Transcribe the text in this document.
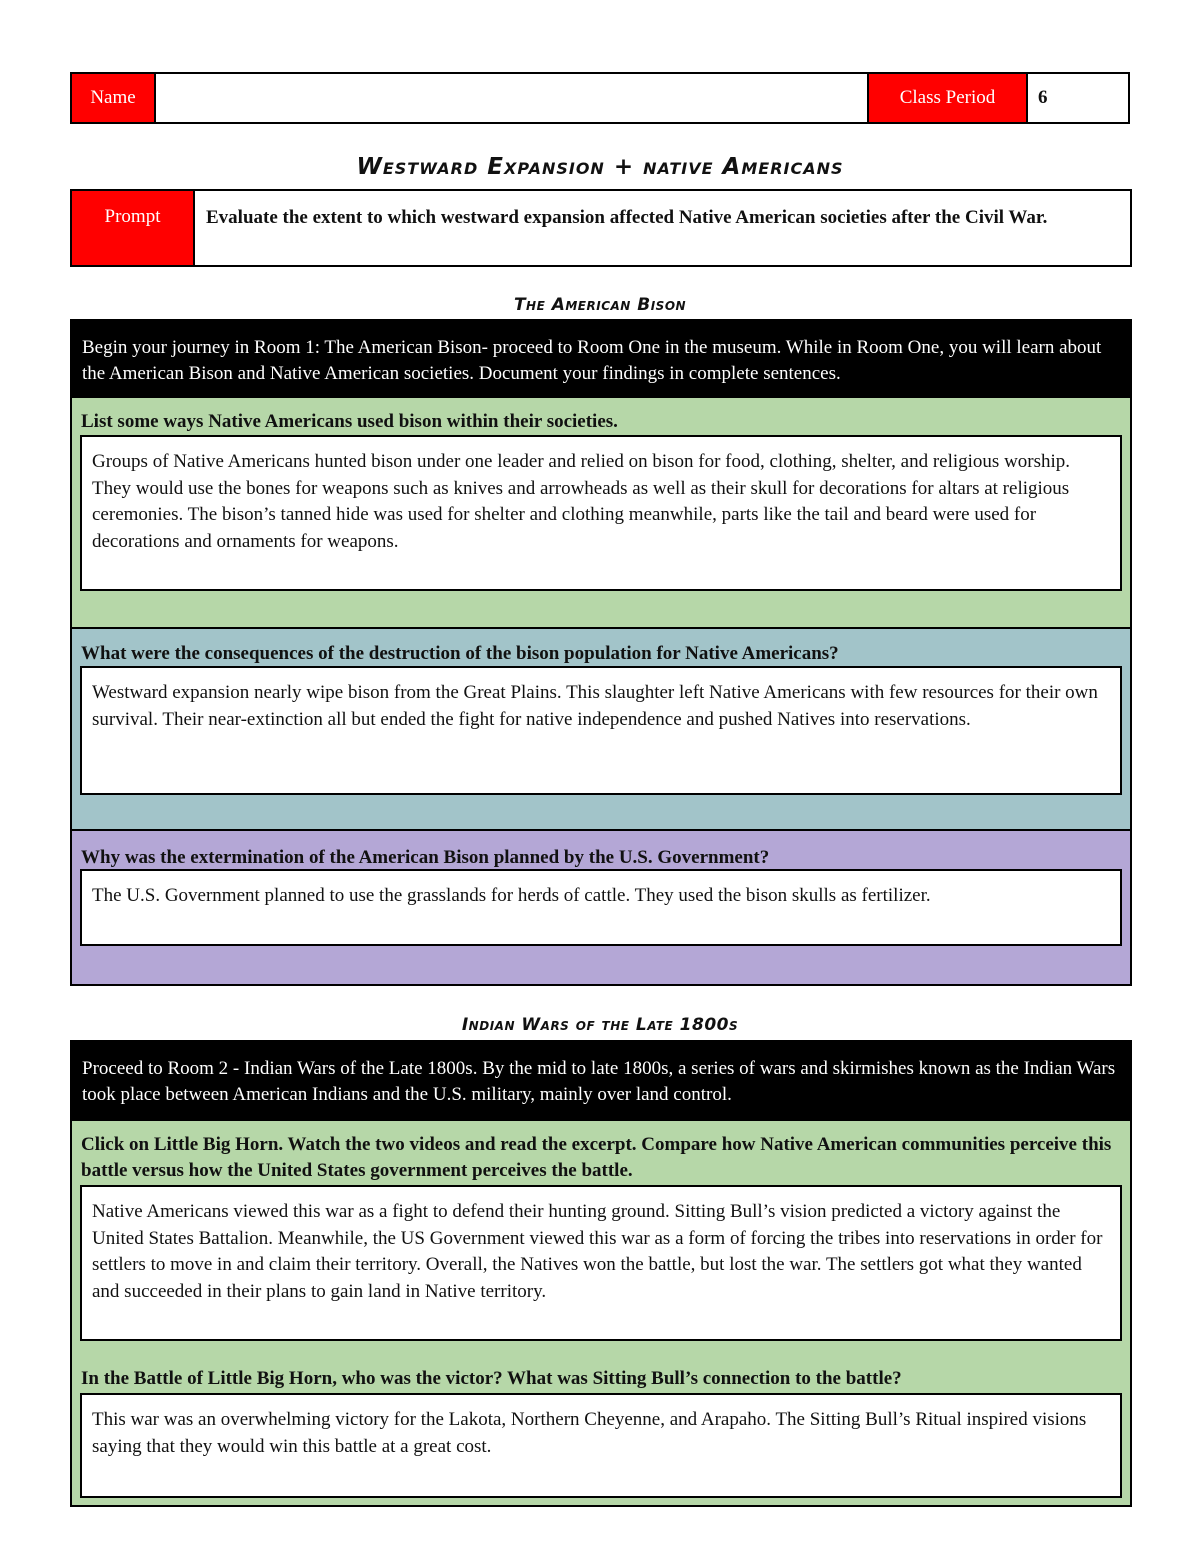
Name	Class Period	6
Westward Expansion + native Americans
Prompt	Evaluate the extent to which westward expansion affected Native American societies after the Civil War.
The American Bison
Begin your journey in Room 1: The American Bison- proceed to Room One in the museum. While in Room One, you will learn about the American Bison and Native American societies. Document your findings in complete sentences.
List some ways Native Americans used bison within their societies.
Groups of Native Americans hunted bison under one leader and relied on bison for food, clothing, shelter, and religious worship. They would use the bones for weapons such as knives and arrowheads as well as their skull for decorations for altars at religious ceremonies. The bison’s tanned hide was used for shelter and clothing meanwhile, parts like the tail and beard were used for decorations and ornaments for weapons.
What were the consequences of the destruction of the bison population for Native Americans?
Westward expansion nearly wipe bison from the Great Plains. This slaughter left Native Americans with few resources for their own survival. Their near-extinction all but ended the fight for native independence and pushed Natives into reservations.
Why was the extermination of the American Bison planned by the U.S. Government?
The U.S. Government planned to use the grasslands for herds of cattle. They used the bison skulls as fertilizer.
Indian Wars of the Late 1800s
Proceed to Room 2 - Indian Wars of the Late 1800s. By the mid to late 1800s, a series of wars and skirmishes known as the Indian Wars took place between American Indians and the U.S. military, mainly over land control.
Click on Little Big Horn. Watch the two videos and read the excerpt. Compare how Native American communities perceive this battle versus how the United States government perceives the battle.
Native Americans viewed this war as a fight to defend their hunting ground. Sitting Bull’s vision predicted a victory against the United States Battalion. Meanwhile, the US Government viewed this war as a form of forcing the tribes into reservations in order for settlers to move in and claim their territory. Overall, the Natives won the battle, but lost the war. The settlers got what they wanted and succeeded in their plans to gain land in Native territory.
In the Battle of Little Big Horn, who was the victor? What was Sitting Bull’s connection to the battle?
This war was an overwhelming victory for the Lakota, Northern Cheyenne, and Arapaho. The Sitting Bull’s Ritual inspired visions saying that they would win this battle at a great cost.
